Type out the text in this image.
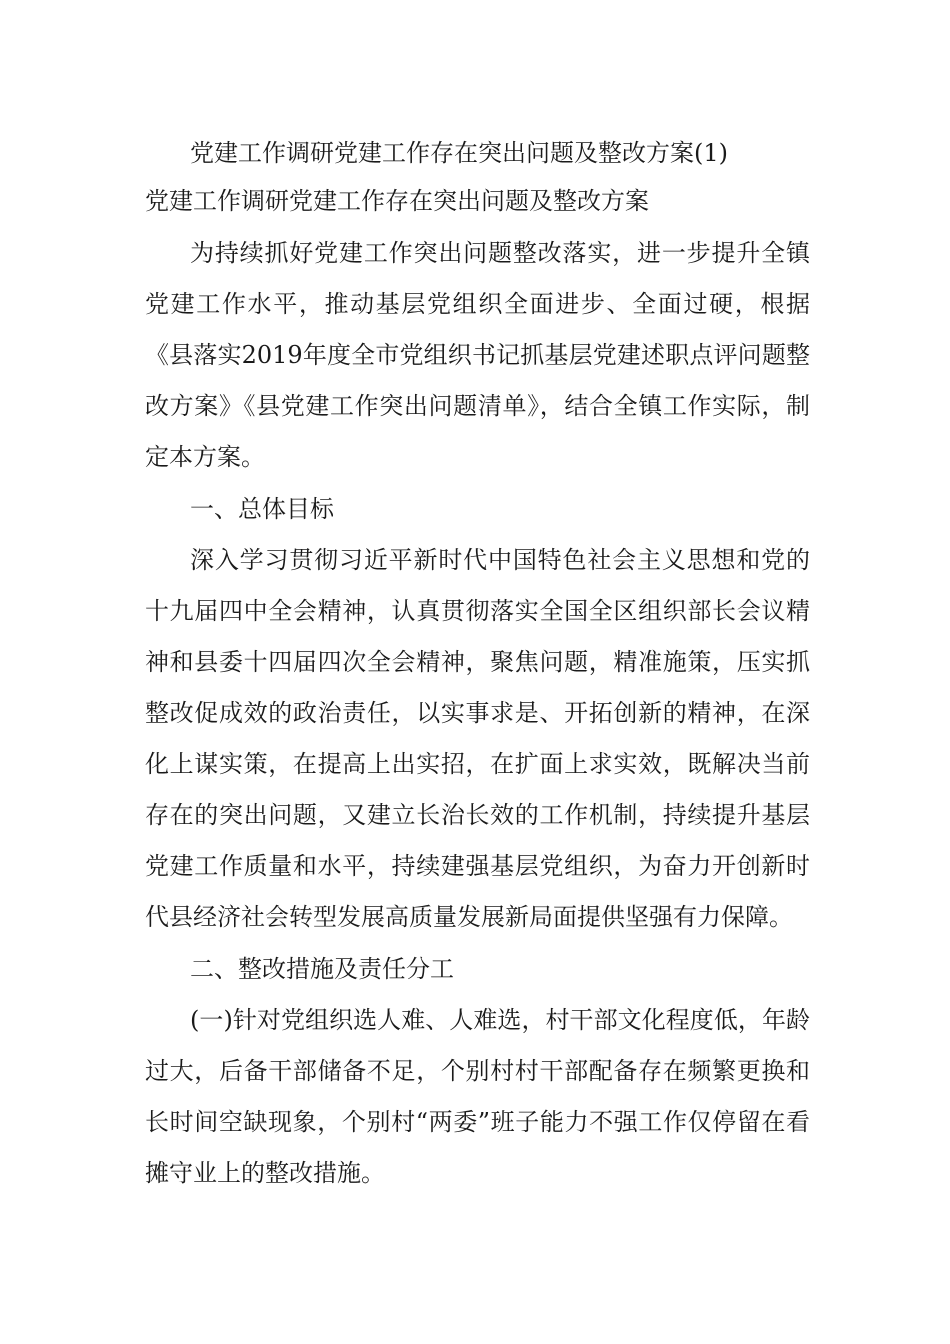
党建工作调研党建工作存在突出问题及整改方案(1)
党建工作调研党建工作存在突出问题及整改方案

为持续抓好党建工作突出问题整改落实，进一步提升全镇党建工作水平，推动基层党组织全面进步、全面过硬，根据《县落实2019年度全市党组织书记抓基层党建述职点评问题整改方案》《县党建工作突出问题清单》，结合全镇工作实际，制定本方案。

一、总体目标

深入学习贯彻习近平新时代中国特色社会主义思想和党的十九届四中全会精神，认真贯彻落实全国全区组织部长会议精神和县委十四届四次全会精神，聚焦问题，精准施策，压实抓整改促成效的政治责任，以实事求是、开拓创新的精神，在深化上谋实策，在提高上出实招，在扩面上求实效，既解决当前存在的突出问题，又建立长治长效的工作机制，持续提升基层党建工作质量和水平，持续建强基层党组织，为奋力开创新时代县经济社会转型发展高质量发展新局面提供坚强有力保障。

二、整改措施及责任分工

(一)针对党组织选人难、人难选，村干部文化程度低，年龄过大，后备干部储备不足，个别村村干部配备存在频繁更换和长时间空缺现象，个别村“两委”班子能力不强工作仅停留在看摊守业上的整改措施。
